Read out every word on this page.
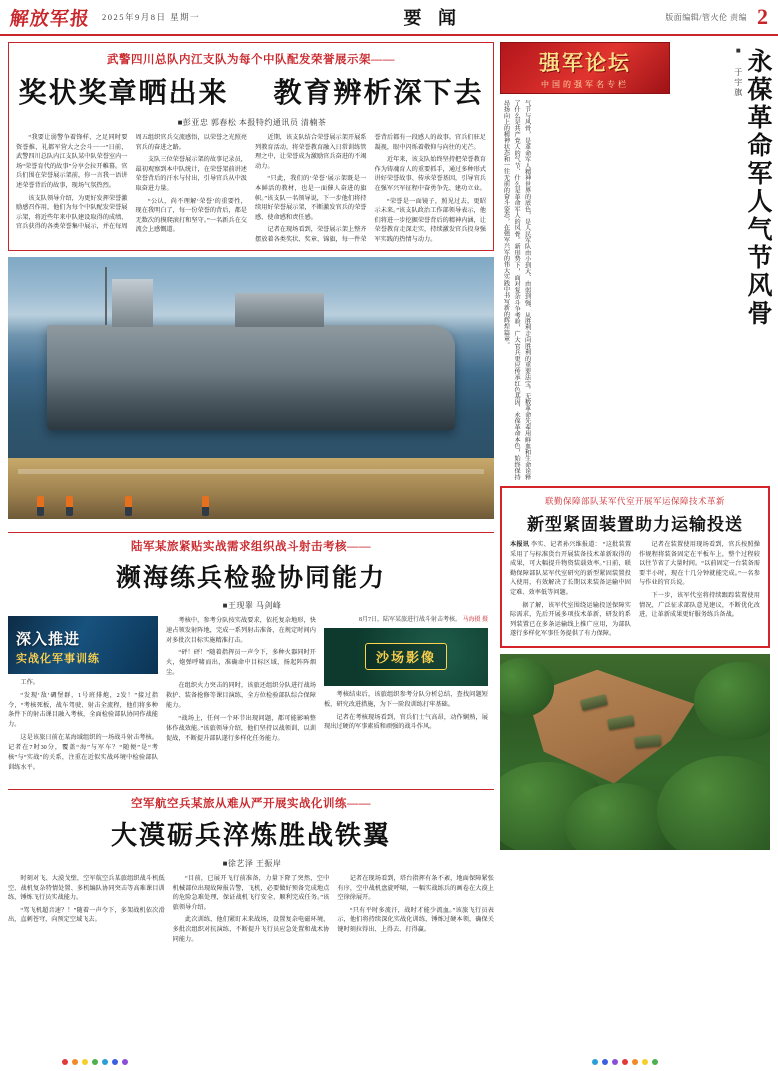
解放军报 2025年9月8日 星期一	要 闻	版面编辑/管火伦 责编 2
武警四川总队内江支队为每个中队配发荣誉展示架——
奖状奖章晒出来 教育辨析深下去
■彭亚忠 郭春松 本报特约通讯员 清楠茶

“我要让弱警争着锋样，之足同时要资誉推，礼都军营大之会斗一一”日前，武警四川总队内江支队某中队荣誉室内一场“荣誉育代的故事”分享会拉开帷幕。官兵们围在荣誉展示架前，你一言我一语讲述荣誉背后的故事，现场气氛热烈。

该支队领导介绍，为更好发挥荣誉激励感召作用，他们为每个中队配发荣誉展示架，将近些年来中队建设取得的成绩、官兵获得的各类荣誉集中展示，并在每周周五组织官兵交流感悟，以荣誉之光照亮官兵的奋进之路。

支队三位荣誉展示架的故事记录员，最初观察到本中队统计，在荣誉架前讲述荣誉背后的汗水与付出，引导官兵从中汲取奋进力量。

“公认，尚不理解‘荣誉’的重要性，现在我明白了，每一份荣誉的背后，都是无数次的摸爬滚打和坚守。”一名新兵在交流会上感慨道。

近期，该支队结合荣誉展示架开展系列教育活动，将荣誉教育融入日常训练管理之中，让荣誉成为激励官兵奋进的不竭动力。

“只此，我们的‘荣誉’展示架既是一本鲜活的教材，也是一面催人奋进的旗帜。”该支队一名领导说，下一步他们将持续用好荣誉展示架，不断激发官兵的荣誉感、使命感和责任感。

记者在现场看到，荣誉展示架上整齐摆放着各类奖状、奖章、锦旗，每一件荣誉背后都有一段感人的故事。官兵们驻足凝视，眼中闪烁着敬仰与向往的光芒。

近年来，该支队始终坚持把荣誉教育作为铸魂育人的重要抓手，通过多种形式讲好荣誉故事、传承荣誉基因，引导官兵在强军兴军征程中奋勇争先、建功立业。

“荣誉是一面镜子，照见过去，更昭示未来。”该支队政治工作部领导表示，他们将进一步挖掘荣誉背后的精神内涵，让荣誉教育走深走实，持续激发官兵投身强军实践的热情与动力。

陆军某旅紧贴实战需求组织战斗射击考核——
濒海练兵检验协同能力
■王现睾 马剑峰
深入推进
实战化军事训练

工作。

“发现‘敌’碉堡群，1号班排炮，2发！”接过指令，“考核死板，战车驾驶、射击全流程，他们将多种条件下的射击课目融入考核，全面检验部队协同作战能力。

这是该旅日前在某海域组织的一场战斗射击考核。记者在7时30分，覆盖“海”与军车？“随便”是“考核”与“实战”的关系，注重在近似实战环境中检验部队训练水平。

考核中，参考分队按实战要求，依托复杂地形，快速占领发射阵地，完成一系列射击准备，在规定时间内对多批次目标实施精准打击。

“砰！砰！”随着指挥员一声令下，多种火器同时开火，炮弹呼啸而出，准确命中目标区域，扬起阵阵烟尘。

在组织火力突击的同时，该旅还组织分队进行战场救护、装备抢修等课目演练，全方位检验部队综合保障能力。

“战场上，任何一个环节出现问题，都可能影响整体作战效能。”该旅领导介绍，他们坚持以战领训、以训促战，不断提升部队遂行多样化任务能力。

8月7日，陆军某旅进行战斗射击考核。 马海摄 摄
沙场影像

考核结束后，该旅组织参考分队分析总结，查找问题短板，研究改进措施，为下一阶段训练打牢基础。

记者在考核现场看到，官兵们士气高昂，动作娴熟，展现出过硬的军事素质和顽强的战斗作风。

空军航空兵某旅从难从严开展实战化训练——
大漠砺兵淬炼胜战铁翼
■徐艺泽 王振岸

时刻对飞、大漠戈壁，空军航空兵某旅组织战斗机低空、战机复杂特情处置、多机编队协同突击等高难课目训练，锤炼飞行员实战能力。

“驾飞机超音速？！”随着一声令下，多架战机依次滑出，直刺苍穹，向预定空域飞去。

“目前，已展开飞行前准备，力量下降了突然，空中机械部位出现故障报告警，飞机，必要做好预备完成地点的危险急难处理，保证战机飞行安全、顺利完成任务。”该旅领导介绍。

此次训练，他们紧盯未来战场，设置复杂电磁环境，多批次组织对抗演练，不断提升飞行员应急处置和战术协同能力。

记者在现场看到，塔台指挥有条不紊，地面保障紧张有序，空中战机盘旋呼啸，一幅实战练兵的画卷在大漠上空徐徐展开。

“只有平时多流汗，战时才能少流血。”该旅飞行员表示，他们将持续深化实战化训练，锤炼过硬本领，确保关键时刻拉得出、上得去、打得赢。

强军论坛
中国的强军名专栏
气节与风骨，是革命军人精神世界的底色，是人民军队由小到大、由弱到强、从胜利走向胜利的重要法宝。无数革命先辈用鲜血和生命诠释了什么是共产党人的气节、什么是革命军人的风骨。新形势下，面对复杂斗争考验，广大官兵更应传承红色基因、永葆革命本色，始终保持昂扬向上的精神状态和一往无前的奋斗姿态，在强军兴军的伟大实践中书写新的辉煌篇章。	永葆革命军人气节风骨
■ 于宇旗
联勤保障部队某军代室开展军运保障技术革新
新型紧固装置助力运输投送

本报讯 李实、记者孙兴维报道： “这批装置采用了与标准货台开展装备技术革新取得的成果，可大幅提升物资装载效率。”日前，联勤保障部队某军代室研究的新型紧固装置投入使用，有效解决了长期以来装备运输中固定难、效率低等问题。

据了解，该军代室围绕运输投送保障实际需求，先后开展多项技术革新，研发的系列装置已在多条运输线上推广应用，为部队遂行多样化军事任务提供了有力保障。

记者在装置使用现场看到，官兵按照操作规程将装备固定在平板车上，整个过程较以往节省了大量时间。“以前固定一台装备需要半小时，现在十几分钟就能完成。”一名参与作业的官兵说。

下一步，该军代室将持续跟踪装置使用情况，广泛征求部队意见建议，不断优化改进，让革新成果更好服务练兵备战。
